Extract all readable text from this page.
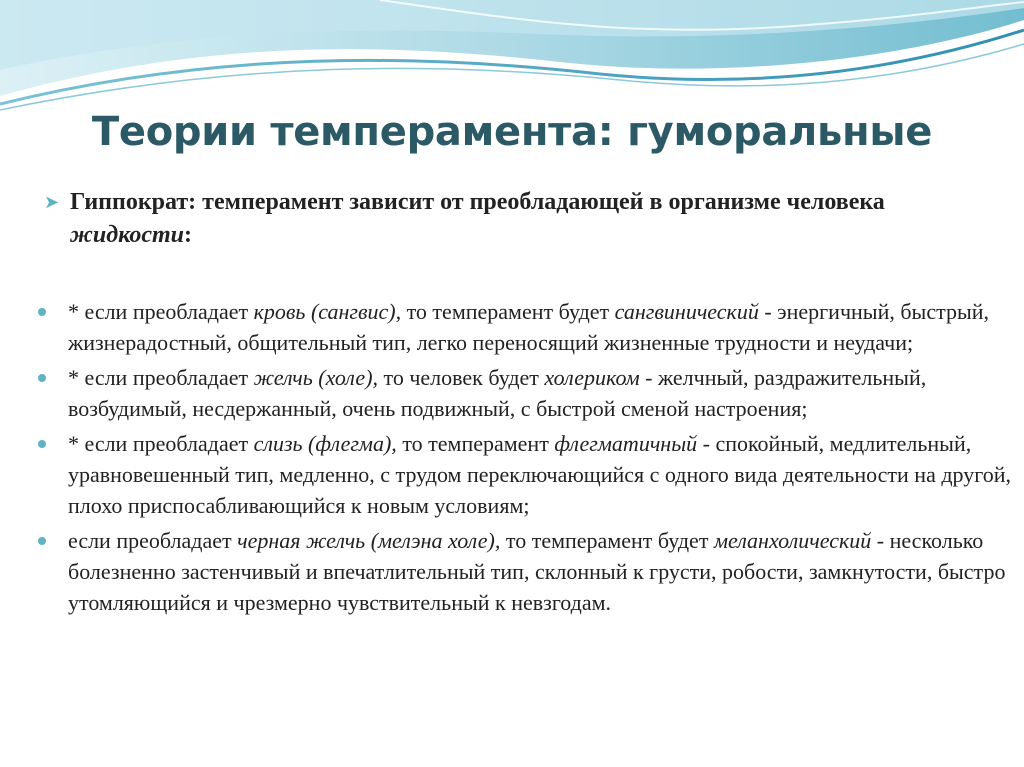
Теории темперамента: гуморальные
➤ Гиппократ: темперамент зависит от преобладающей в организме человека жидкости:
* если преобладает кровь (сангвис), то темперамент будет сангвинический - энергичный, быстрый, жизнерадостный, общительный тип, легко переносящий жизненные трудности и неудачи;
* если преобладает желчь (холе), то человек будет холериком - желчный, раздражительный, возбудимый, несдержанный, очень подвижный, с быстрой сменой настроения;
* если преобладает слизь (флегма), то темперамент флегматичный - спокойный, медлительный, уравновешенный тип, медленно, с трудом переключающийся с одного вида деятельности на другой, плохо приспосабливающийся к новым условиям;
если преобладает черная желчь (мелэна холе), то темперамент будет меланхолический - несколько болезненно застенчивый и впечатлительный тип, склонный к грусти, робости, замкнутости, быстро утомляющийся и чрезмерно чувствительный к невзгодам.
